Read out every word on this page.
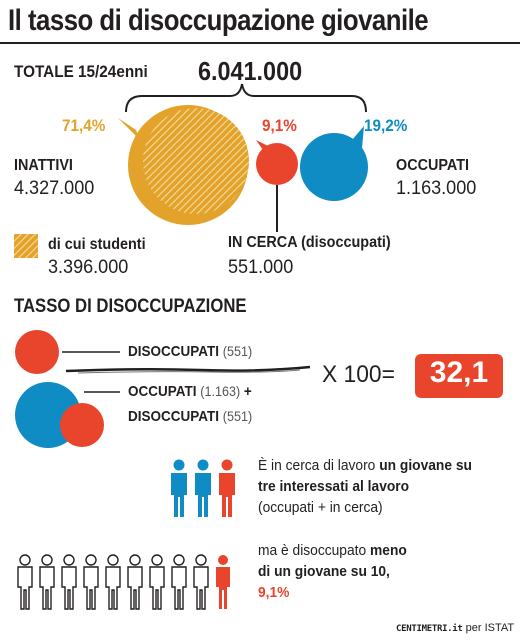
Il tasso di disoccupazione giovanile
TOTALE 15/24enni 6.041.000
71,4%	9,1%	19,2%
INATTIVI
4.327.000
OCCUPATI
1.163.000
di cui studenti
3.396.000
IN CERCA (disoccupati)
551.000
TASSO DI DISOCCUPAZIONE
DISOCCUPATI (551)
OCCUPATI (1.163) +
DISOCCUPATI (551)
X 100=	32,1
È in cerca di lavoro un giovane su tre interessati al lavoro
(occupati + in cerca)
ma è disoccupato meno
di un giovane su 10,
9,1%
CENTIMETRI.it per ISTAT
